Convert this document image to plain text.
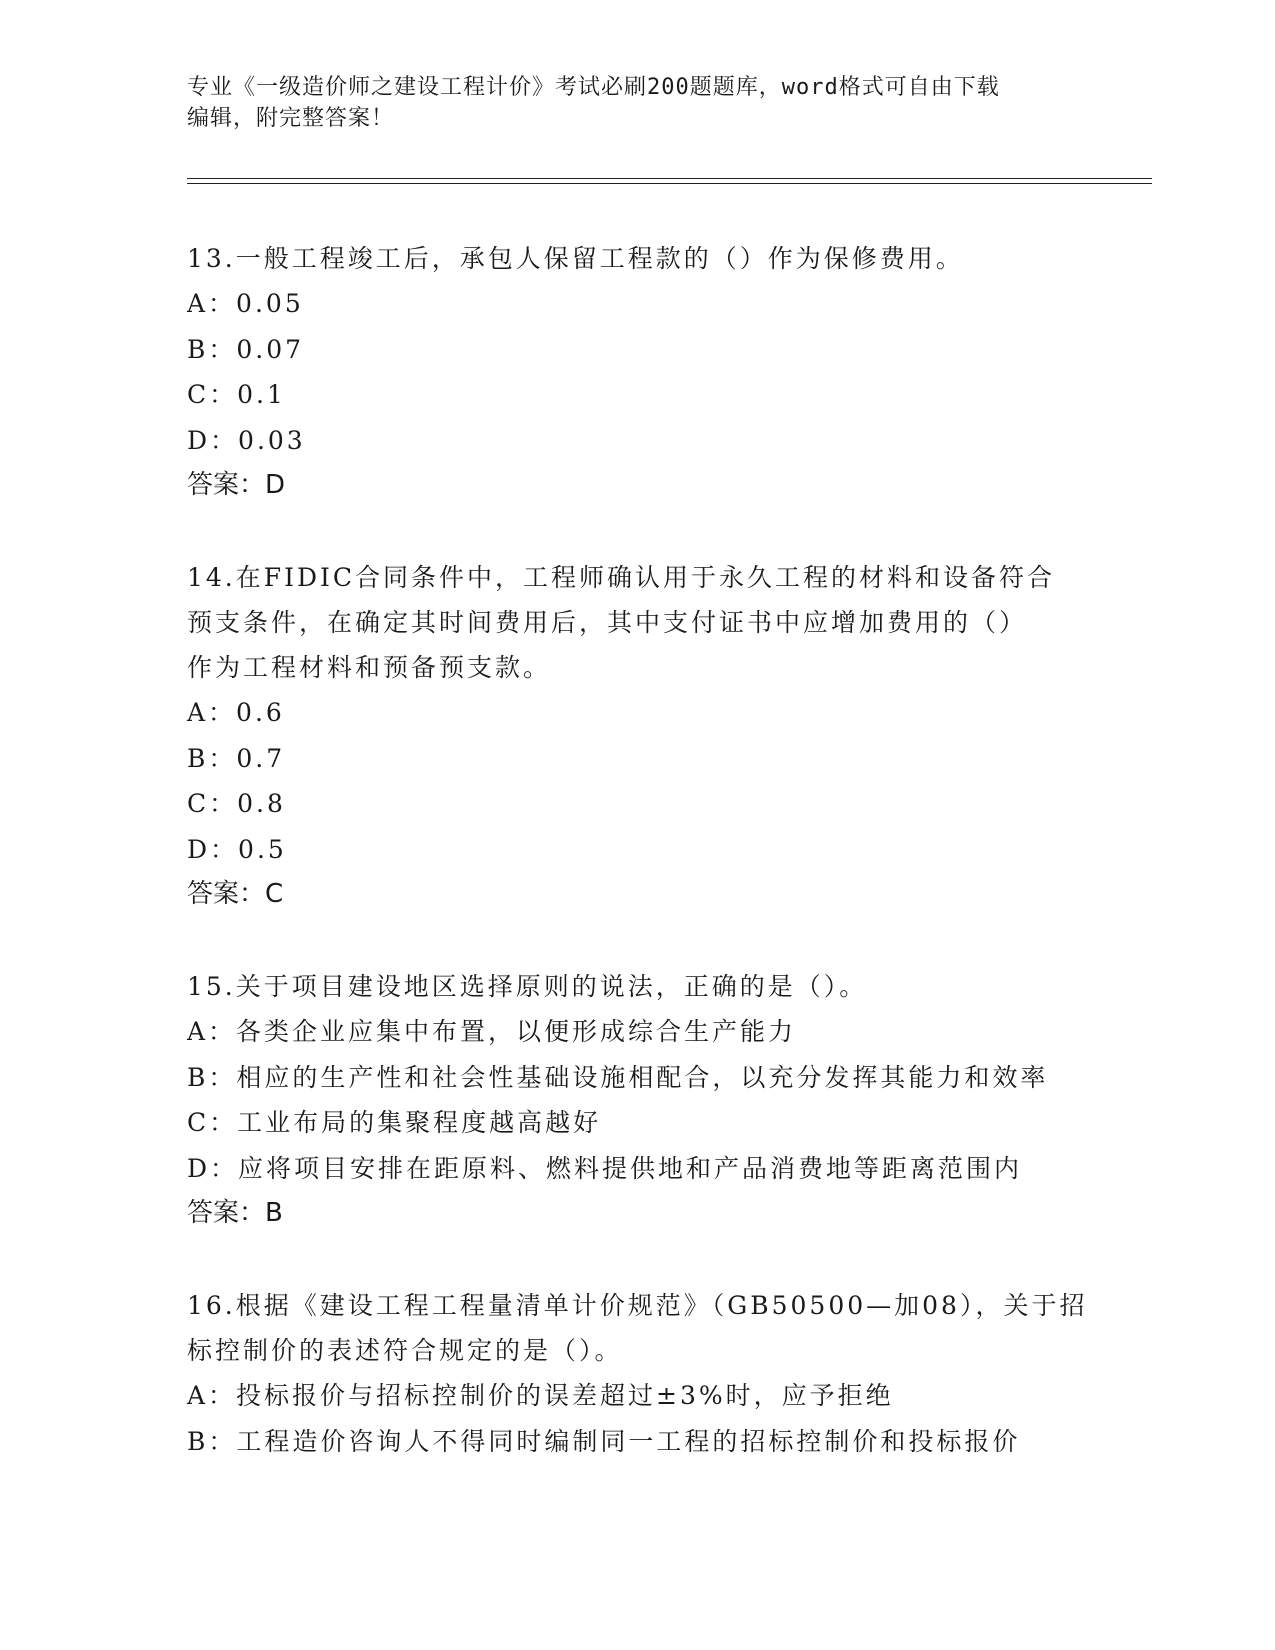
专业《一级造价师之建设工程计价》考试必刷200题题库，word格式可自由下载
编辑，附完整答案！

13.一般工程竣工后，承包人保留工程款的（）作为保修费用。

A：0.05

B：0.07

C：0.1

D：0.03

答案：D

14.在FIDIC合同条件中，工程师确认用于永久工程的材料和设备符合

预支条件，在确定其时间费用后，其中支付证书中应增加费用的（）

作为工程材料和预备预支款。

A：0.6

B：0.7

C：0.8

D：0.5

答案：C

15.关于项目建设地区选择原则的说法，正确的是（）。

A：各类企业应集中布置，以便形成综合生产能力

B：相应的生产性和社会性基础设施相配合，以充分发挥其能力和效率

C：工业布局的集聚程度越高越好

D：应将项目安排在距原料、燃料提供地和产品消费地等距离范围内

答案：B

16.根据《建设工程工程量清单计价规范》（GB50500—加08），关于招

标控制价的表述符合规定的是（）。

A：投标报价与招标控制价的误差超过±3%时，应予拒绝

B：工程造价咨询人不得同时编制同一工程的招标控制价和投标报价
